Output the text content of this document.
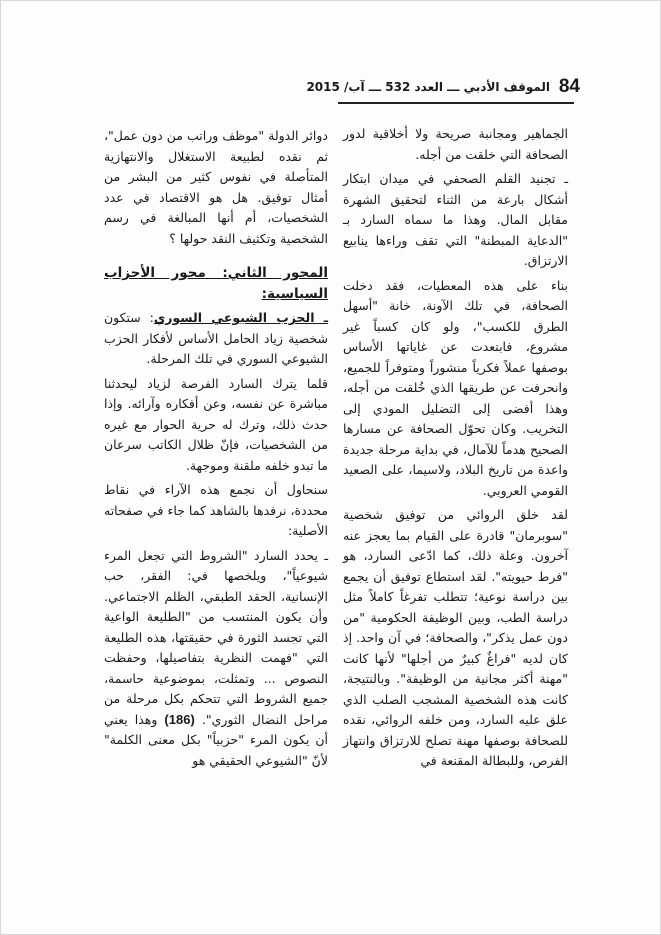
84
الموقف الأدبي ـــ العدد 532 ـــ آب/ 2015

الجماهير ومجانبة صريحة ولا أخلاقية لدور الصحافة التي خلقت من أجله.

ـ تجنيد القلم الصحفي في ميدان ابتكار أشكال بارعة من الثناء لتحقيق الشهرة مقابل المال. وهذا ما سماه السارد بـ "الدعاية المبطنة" التي تقف وراءها ينابيع الارتزاق.

بناء على هذه المعطيات، فقد دخلت الصحافة، في تلك الآونة، خانة "أسهل الطرق للكسب"، ولو كان كسباً غير مشروع، فابتعدت عن غاياتها الأساس بوصفها عملاً فكرياً منشوراً ومتوفراً للجميع، وانحرفت عن طريقها الذي خُلقت من أجله، وهذا أفضى إلى التضليل المودي إلى التخريب. وكان تحوّل الصحافة عن مسارها الصحيح هدماً للآمال، في بداية مرحلة جديدة واعدة من تاريخ البلاد، ولاسيما، على الصعيد القومي العروبي.

لقد خلق الروائي من توفيق شخصية "سوبرمان" قادرة على القيام بما يعجز عنه آخرون. وعلة ذلك، كما ادّعى السارد، هو "فرط حيويته". لقد استطاع توفيق أن يجمع بين دراسة نوعية؛ تتطلب تفرغاً كاملاً مثل دراسة الطب، وبين الوظيفة الحكومية "من دون عمل يذكر"، والصحافة؛ في آن واحد. إذ كان لديه "فراغٌ كبيرٌ من أجلها" لأنها كانت "مهنة أكثر مجانية من الوظيفة". وبالنتيجة، كانت هذه الشخصية المشجب الصلب الذي علق عليه السارد، ومن خلفه الروائي، نقده للصحافة بوصفها مهنة تصلح للارتزاق وانتهاز الفرص، وللبطالة المقنعة في

دوائر الدولة "موظف وراتب من دون عمل"، ثم نقده لطبيعة الاستغلال والانتهازية المتأصلة في نفوس كثير من البشر من أمثال توفيق. هل هو الاقتصاد في عدد الشخصيات، أم أنها المبالغة في رسم الشخصية وتكثيف النقد حولها ؟

المحور الثاني: محور الأحزاب السياسية:

ـ الحزب الشيوعي السوري: ستكون شخصية زياد الحامل الأساس لأفكار الحزب الشيوعي السوري في تلك المرحلة.

قلما يترك السارد الفرصة لزياد ليحدثنا مباشرة عن نفسه، وعن أفكاره وآرائه. وإذا حدث ذلك، وترك له حرية الحوار مع غيره من الشخصيات، فإنّ ظلال الكاتب سرعان ما تبدو خلفه ملقنة وموجهة.

سنحاول أن نجمع هذه الآراء في نقاط محددة، نرفدها بالشاهد كما جاء في صفحاته الأصلية:

ـ يحدد السارد "الشروط التي تجعل المرء شيوعياً"، ويلخصها في: الفقر، حب الإنسانية، الحقد الطبقي، الظلم الاجتماعي. وأن يكون المنتسب من "الطليعة الواعية التي تجسد الثورة في حقيقتها، هذه الطليعة التي "فهمت النظرية بتفاصيلها، وحفظت النصوص ... وتمثلت، بموضوعية حاسمة، جميع الشروط التي تتحكم بكل مرحلة من مراحل النضال الثوري". (186) وهذا يعني أن يكون المرء "حزبياً" بكل معنى الكلمة" لأنّ "الشيوعي الحقيقي هو
